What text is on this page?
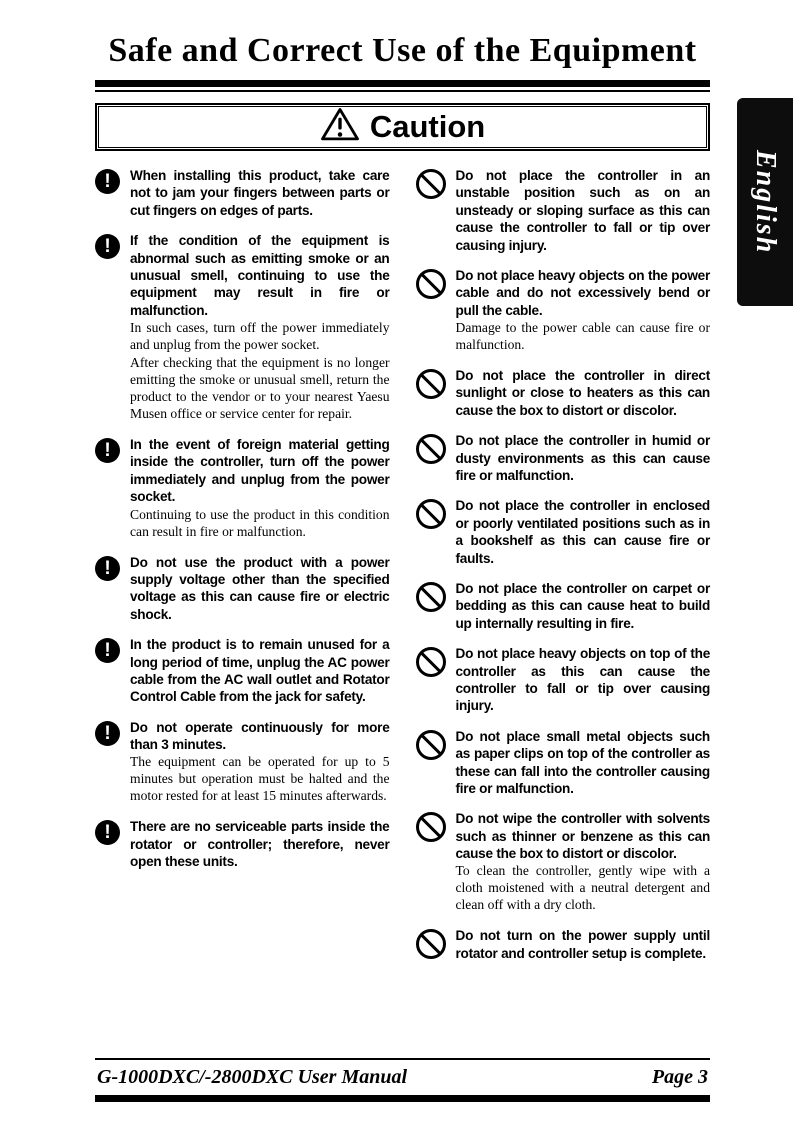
Safe and Correct Use of the Equipment
Caution
!	When installing this product, take care not to jam your fingers between parts or cut fingers on edges of parts.

!	If the condition of the equipment is abnormal such as emitting smoke or an unusual smell, continuing to use the equipment may result in fire or malfunction.

In such cases, turn off the power immediately and unplug from the power socket.

After checking that the equipment is no longer emitting the smoke or unusual smell, return the product to the vendor or to your nearest Yaesu Musen office or service center for repair.

!	In the event of foreign material getting inside the controller, turn off the power immediately and unplug from the power socket.

Continuing to use the product in this condition can result in fire or malfunction.

!	Do not use the product with a power supply voltage other than the specified voltage as this can cause fire or electric shock.

!	In the product is to remain unused for a long period of time, unplug the AC power cable from the AC wall outlet and Rotator Control Cable from the jack for safety.

!	Do not operate continuously for more than 3 minutes.

The equipment can be operated for up to 5 minutes but operation must be halted and the motor rested for at least 15 minutes afterwards.

!	There are no serviceable parts inside the rotator or controller; therefore, never open these units.

Do not place the controller in an unstable position such as on an unsteady or sloping surface as this can cause the controller to fall or tip over causing injury.

Do not place heavy objects on the power cable and do not excessively bend or pull the cable.

Damage to the power cable can cause fire or malfunction.

Do not place the controller in direct sunlight or close to heaters as this can cause the box to distort or discolor.

Do not place the controller in humid or dusty environments as this can cause fire or malfunction.

Do not place the controller in enclosed or poorly ventilated positions such as in a bookshelf as this can cause fire or faults.

Do not place the controller on carpet or bedding as this can cause heat to build up internally resulting in fire.

Do not place heavy objects on top of the controller as this can cause the controller to fall or tip over causing injury.

Do not place small metal objects such as paper clips on top of the controller as these can fall into the controller causing fire or malfunction.

Do not wipe the controller with solvents such as thinner or benzene as this can cause the box to distort or discolor.

To clean the controller, gently wipe with a cloth moistened with a neutral detergent and clean off with a dry cloth.

Do not turn on the power supply until rotator and controller setup is complete.

English
G-1000DXC/-2800DXC User Manual	Page 3
